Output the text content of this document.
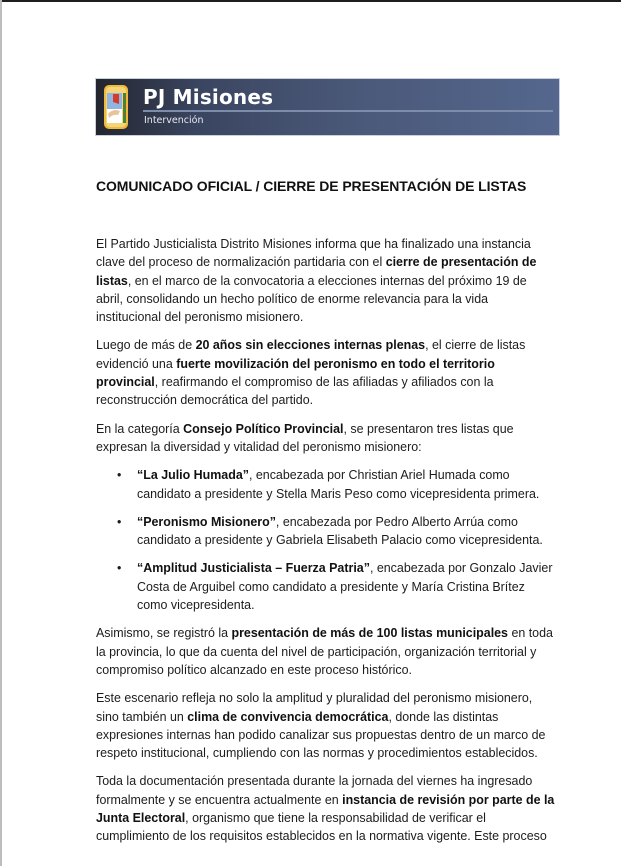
PJ Misiones
Intervención
COMUNICADO OFICIAL / CIERRE DE PRESENTACIÓN DE LISTAS

El Partido Justicialista Distrito Misiones informa que ha finalizado una instancia
clave del proceso de normalización partidaria con el cierre de presentación de
listas, en el marco de la convocatoria a elecciones internas del próximo 19 de
abril, consolidando un hecho político de enorme relevancia para la vida
institucional del peronismo misionero.

Luego de más de 20 años sin elecciones internas plenas, el cierre de listas
evidenció una fuerte movilización del peronismo en todo el territorio
provincial, reafirmando el compromiso de las afiliadas y afiliados con la
reconstrucción democrática del partido.

En la categoría Consejo Político Provincial, se presentaron tres listas que
expresan la diversidad y vitalidad del peronismo misionero:

• “La Julio Humada”, encabezada por Christian Ariel Humada como
candidato a presidente y Stella Maris Peso como vicepresidenta primera.
• “Peronismo Misionero”, encabezada por Pedro Alberto Arrúa como
candidato a presidente y Gabriela Elisabeth Palacio como vicepresidenta.
• “Amplitud Justicialista – Fuerza Patria”, encabezada por Gonzalo Javier
Costa de Arguibel como candidato a presidente y María Cristina Brítez
como vicepresidenta.

Asimismo, se registró la presentación de más de 100 listas municipales en toda
la provincia, lo que da cuenta del nivel de participación, organización territorial y
compromiso político alcanzado en este proceso histórico.

Este escenario refleja no solo la amplitud y pluralidad del peronismo misionero,
sino también un clima de convivencia democrática, donde las distintas
expresiones internas han podido canalizar sus propuestas dentro de un marco de
respeto institucional, cumpliendo con las normas y procedimientos establecidos.

Toda la documentación presentada durante la jornada del viernes ha ingresado
formalmente y se encuentra actualmente en instancia de revisión por parte de la
Junta Electoral, organismo que tiene la responsabilidad de verificar el
cumplimiento de los requisitos establecidos en la normativa vigente. Este proceso
